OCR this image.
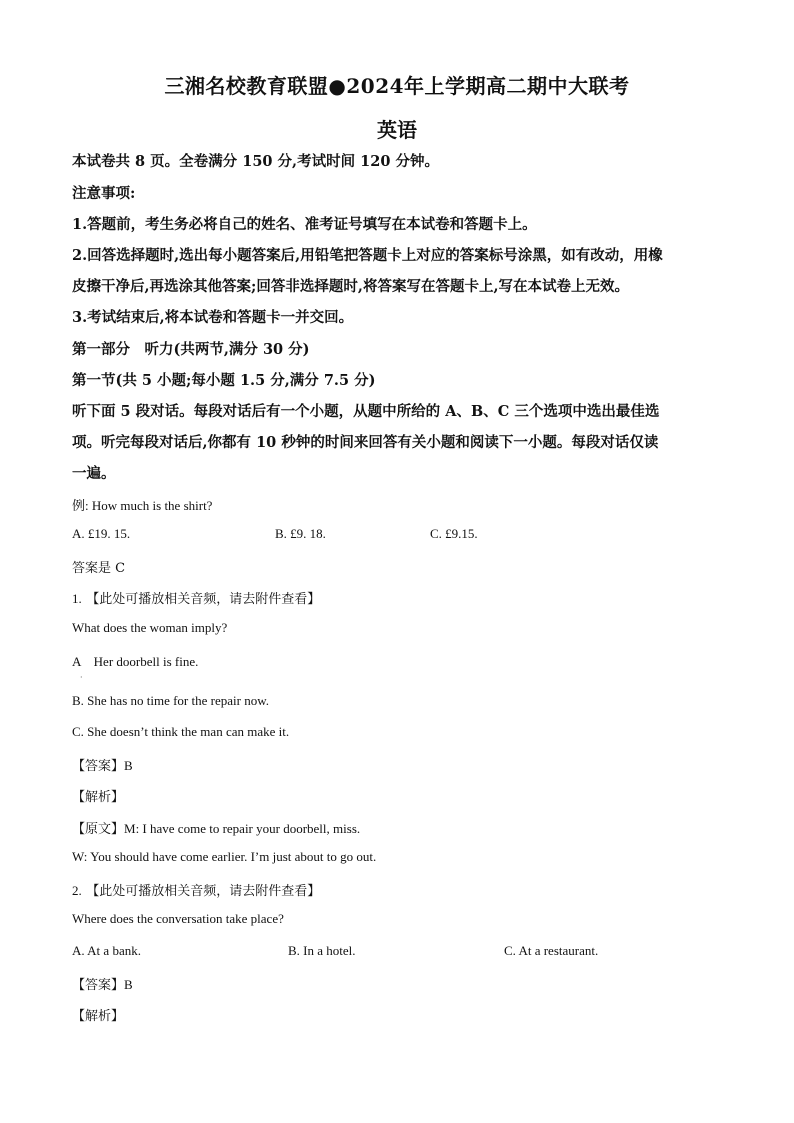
三湘名校教育联盟●2024年上学期高二期中大联考
英语
本试卷共 8 页。全卷满分 150 分,考试时间 120 分钟。
注意事项:
1.答题前，考生务必将自己的姓名、准考证号填写在本试卷和答题卡上。
2.回答选择题时,选出每小题答案后,用铅笔把答题卡上对应的答案标号涂黑，如有改动，用橡
皮擦干净后,再选涂其他答案;回答非选择题时,将答案写在答题卡上,写在本试卷上无效。
3.考试结束后,将本试卷和答题卡一并交回。
第一部分　听力(共两节,满分 30 分)
第一节(共 5 小题;每小题 1.5 分,满分 7.5 分)
听下面 5 段对话。每段对话后有一个小题，从题中所给的 A、B、C 三个选项中选出最佳选
项。听完每段对话后,你都有 10 秒钟的时间来回答有关小题和阅读下一小题。每段对话仅读
一遍。
例: How much is the shirt?
A. £19. 15.	B. £9. 18.	C. £9.15.
答案是 C
1. 【此处可播放相关音频，请去附件查看】
What does the woman imply?
A　Her doorbell is fine.
·
B. She has no time for the repair now.
C. She doesn’t think the man can make it.
【答案】B
【解析】
【原文】M: I have come to repair your doorbell, miss.
W: You should have come earlier. I’m just about to go out.
2. 【此处可播放相关音频，请去附件查看】
Where does the conversation take place?
A. At a bank.	B. In a hotel.	C. At a restaurant.
【答案】B
【解析】
